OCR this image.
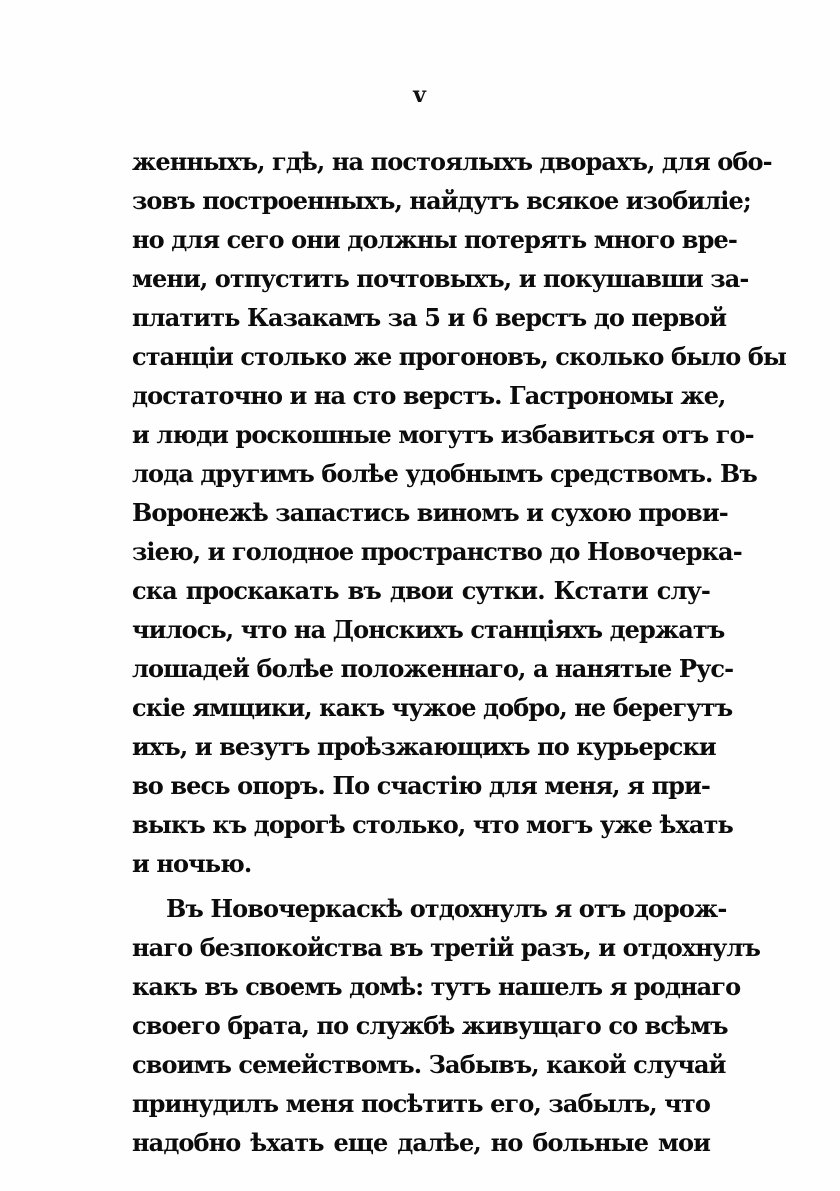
v
женныхъ, гдѣ, на постоялыхъ дворахъ, для обо-
зовъ построенныхъ, найдутъ всякое изобиліе;
но для сего они должны потерять много вре-
мени, отпустить почтовыхъ, и покушавши за-
платить Казакамъ за 5 и 6 верстъ до первой
станціи столько же прогоновъ, сколько было бы
достаточно и на сто верстъ. Гастрономы же,
и люди роскошные могутъ избавиться отъ го-
лода другимъ болѣе удобнымъ средствомъ. Въ
Воронежѣ запастись виномъ и сухою прови-
зіею, и голодное пространство до Новочерка-
ска проскакать въ двои сутки. Кстати слу-
чилось, что на Донскихъ станціяхъ держатъ
лошадей болѣе положеннаго, а нанятые Рус-
скіе ямщики, какъ чужое добро, не берегутъ
ихъ, и везутъ проѣзжающихъ по курьерски
во весь опоръ. По счастію для меня, я при-
выкъ къ дорогѣ столько, что могъ уже ѣхать
и ночью.
Въ Новочеркаскѣ отдохнулъ я отъ дорож-
наго безпокойства въ третій разъ, и отдохнулъ
какъ въ своемъ домѣ: тутъ нашелъ я роднаго
своего брата, по службѣ живущаго со всѣмъ
своимъ семействомъ. Забывъ, какой случай
принудилъ меня посѣтить его, забылъ, что
надобно ѣхать еще далѣе, но больные мои
